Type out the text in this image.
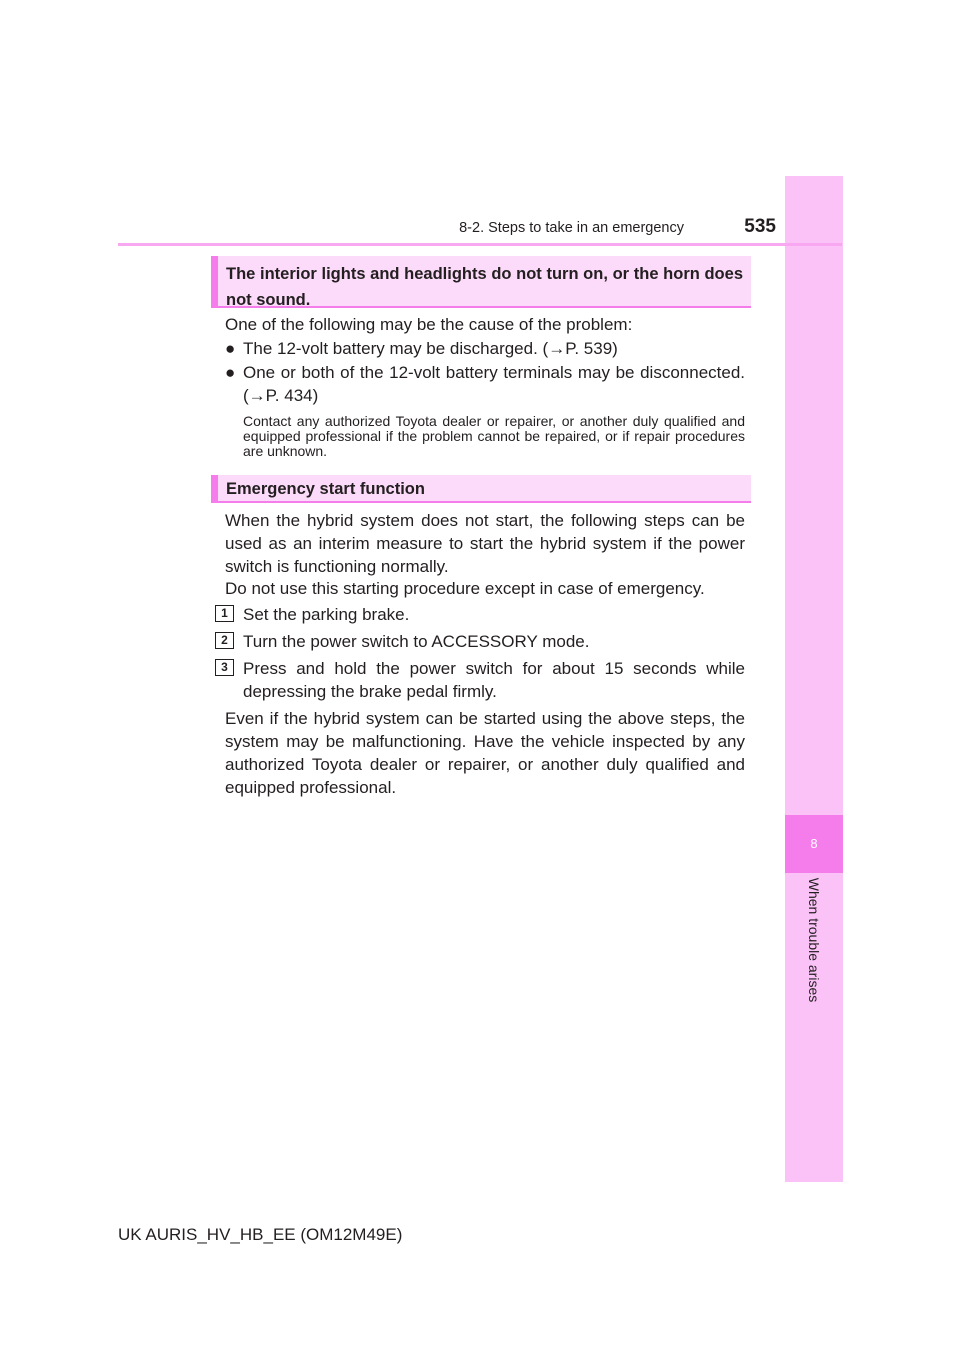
8
When trouble arises
8-2. Steps to take in an emergency	535
The interior lights and headlights do not turn on, or the horn does not sound.
One of the following may be the cause of the problem:
● The 12-volt battery may be discharged. (→P. 539)
● One or both of the 12-volt battery terminals may be disconnected.
(→P. 434)
Contact any authorized Toyota dealer or repairer, or another duly qualified and equipped professional if the problem cannot be repaired, or if repair procedures are unknown.
Emergency start function
When the hybrid system does not start, the following steps can be used as an interim measure to start the hybrid system if the power switch is functioning normally.
Do not use this starting procedure except in case of emergency.
1 Set the parking brake.
2 Turn the power switch to ACCESSORY mode.
3 Press and hold the power switch for about 15 seconds while depressing the brake pedal firmly.
Even if the hybrid system can be started using the above steps, the system may be malfunctioning. Have the vehicle inspected by any authorized Toyota dealer or repairer, or another duly qualified and equipped professional.
UK AURIS_HV_HB_EE (OM12M49E)
